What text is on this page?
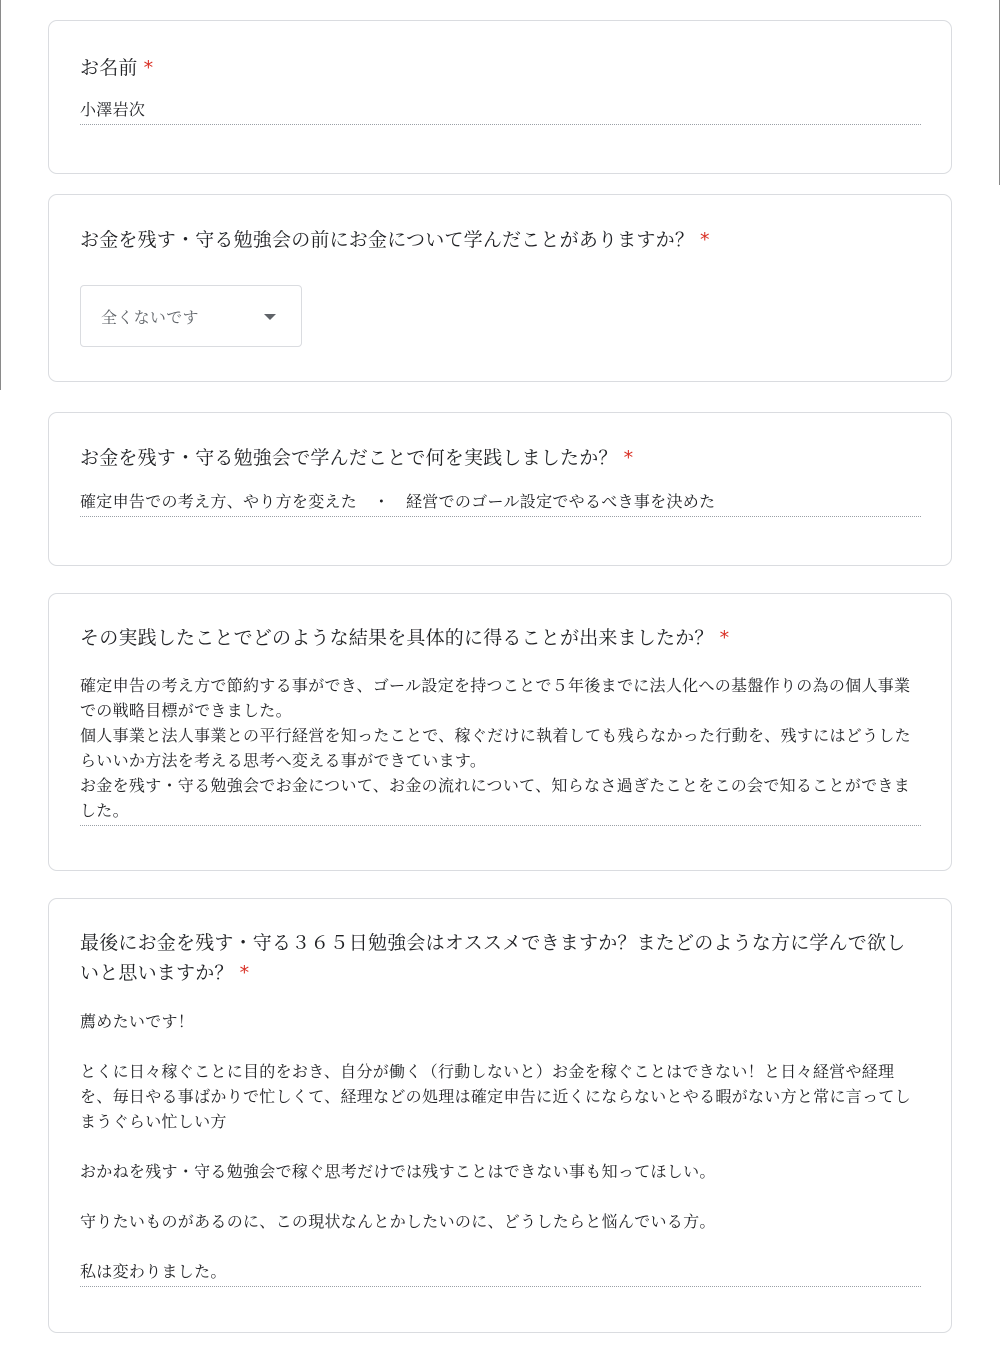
お名前 *
小澤岩次
お金を残す・守る勉強会の前にお金について学んだことがありますか？ *
全くないです
お金を残す・守る勉強会で学んだことで何を実践しましたか？ *
確定申告での考え方、やり方を変えた　・　経営でのゴール設定でやるべき事を決めた
その実践したことでどのような結果を具体的に得ることが出来ましたか？ *
確定申告の考え方で節約する事ができ、ゴール設定を持つことで５年後までに法人化への基盤作りの為の個人事業での戦略目標ができました。
個人事業と法人事業との平行経営を知ったことで、稼ぐだけに執着しても残らなかった行動を、残すにはどうしたらいいか方法を考える思考へ変える事ができています。
お金を残す・守る勉強会でお金について、お金の流れについて、知らなさ過ぎたことをこの会で知ることができました。
最後にお金を残す・守る３６５日勉強会はオススメできますか？またどのような方に学んで欲しいと思いますか？ *
薦めたいです！

とくに日々稼ぐことに目的をおき、自分が働く（行動しないと）お金を稼ぐことはできない！と日々経営や経理を、毎日やる事ばかりで忙しくて、経理などの処理は確定申告に近くにならないとやる暇がない方と常に言ってしまうぐらい忙しい方

おかねを残す・守る勉強会で稼ぐ思考だけでは残すことはできない事も知ってほしい。

守りたいものがあるのに、この現状なんとかしたいのに、どうしたらと悩んでいる方。

私は変わりました。
